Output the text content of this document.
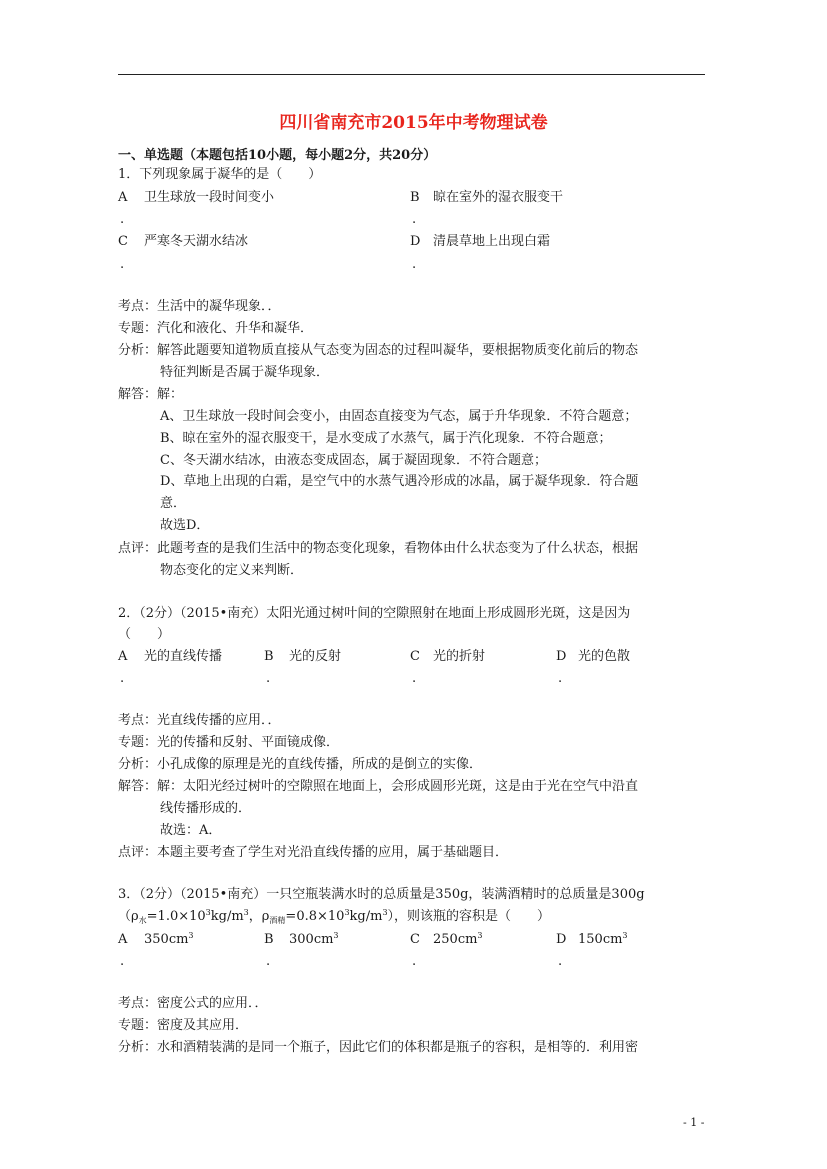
四川省南充市2015年中考物理试卷
一、单选题（本题包括10小题，每小题2分，共20分）
1．下列现象属于凝华的是（　　）
A 卫生球放一段时间变小	B 晾在室外的湿衣服变干
.	.
C 严寒冬天湖水结冰	D 清晨草地上出现白霜
.	.
考点：生活中的凝华现象．．
专题：汽化和液化、升华和凝华．
分析：解答此题要知道物质直接从气态变为固态的过程叫凝华，要根据物质变化前后的物态
特征判断是否属于凝华现象．
解答：解：
A、卫生球放一段时间会变小，由固态直接变为气态，属于升华现象．不符合题意；
B、晾在室外的湿衣服变干，是水变成了水蒸气，属于汽化现象．不符合题意；
C、冬天湖水结冰，由液态变成固态，属于凝固现象．不符合题意；
D、草地上出现的白霜，是空气中的水蒸气遇冷形成的冰晶，属于凝华现象．符合题
意．
故选D．
点评：此题考查的是我们生活中的物态变化现象，看物体由什么状态变为了什么状态，根据
物态变化的定义来判断．
2．（2分）（2015•南充）太阳光通过树叶间的空隙照射在地面上形成圆形光斑，这是因为
（　　）
A 光的直线传播	B 光的反射	C 光的折射	D 光的色散
.	.	.	.
考点：光直线传播的应用．．
专题：光的传播和反射、平面镜成像．
分析：小孔成像的原理是光的直线传播，所成的是倒立的实像．
解答：解：太阳光经过树叶的空隙照在地面上，会形成圆形光斑，这是由于光在空气中沿直
线传播形成的．
故选：A．
点评：本题主要考查了学生对光沿直线传播的应用，属于基础题目．
3．（2分）（2015•南充）一只空瓶装满水时的总质量是350g，装满酒精时的总质量是300g
（$\rho_水=1.0\times 10^3kg/m^3$，$\rho_{酒精}=0.8\times 10^3kg/m^3$），则该瓶的容积是（　　）
A $350cm^3$	B $300cm^3$	C $250cm^3$	D $150cm^3$
.	.	.	.
考点：密度公式的应用．．
专题：密度及其应用．
分析：水和酒精装满的是同一个瓶子，因此它们的体积都是瓶子的容积，是相等的．利用密
- 1 -
